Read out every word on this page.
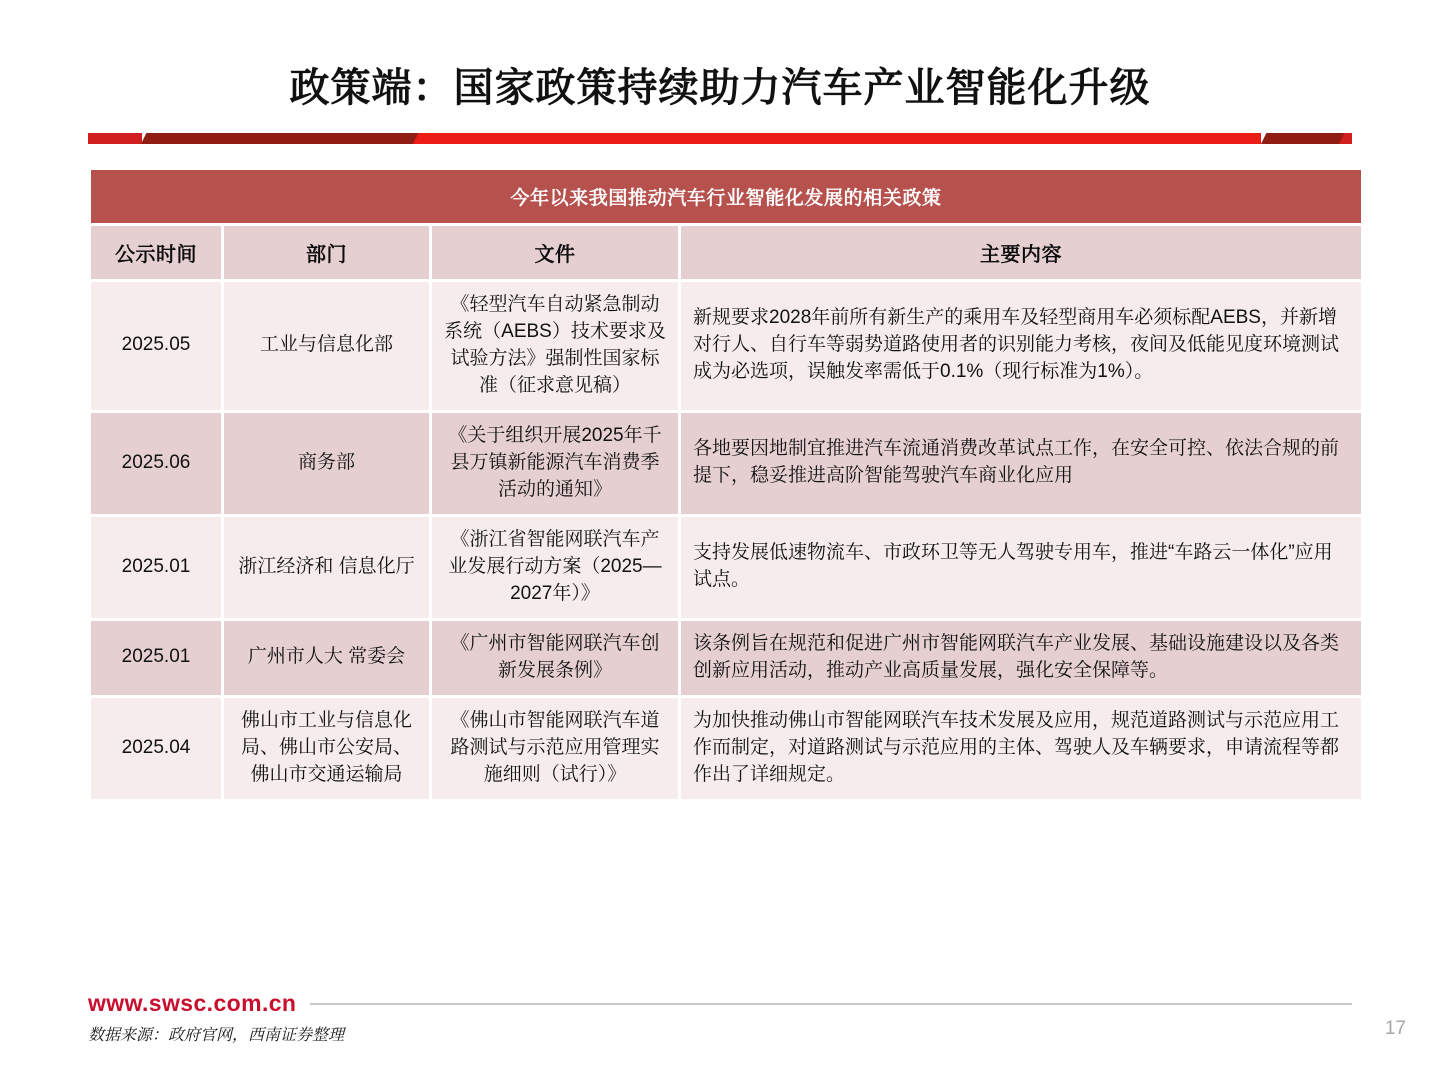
政策端：国家政策持续助力汽车产业智能化升级
今年以来我国推动汽车行业智能化发展的相关政策			
公示时间	部门	文件	主要内容
2025.05	工业与信息化部	《轻型汽车自动紧急制动系统（AEBS）技术要求及试验方法》强制性国家标准（征求意见稿）	新规要求2028年前所有新生产的乘用车及轻型商用车必须标配AEBS，并新增对行人、自行车等弱势道路使用者的识别能力考核，夜间及低能见度环境测试成为必选项，误触发率需低于0.1%（现行标准为1%）。
2025.06	商务部	《关于组织开展2025年千县万镇新能源汽车消费季活动的通知》	各地要因地制宜推进汽车流通消费改革试点工作，在安全可控、依法合规的前提下，稳妥推进高阶智能驾驶汽车商业化应用
2025.01	浙江经济和 信息化厅	《浙江省智能网联汽车产业发展行动方案（2025—2027年）》	支持发展低速物流车、市政环卫等无人驾驶专用车，推进“车路云一体化”应用试点。
2025.01	广州市人大 常委会	《广州市智能网联汽车创新发展条例》	该条例旨在规范和促进广州市智能网联汽车产业发展、基础设施建设以及各类创新应用活动，推动产业高质量发展，强化安全保障等。
2025.04	佛山市工业与信息化局、佛山市公安局、佛山市交通运输局	《佛山市智能网联汽车道路测试与示范应用管理实施细则（试行）》	为加快推动佛山市智能网联汽车技术发展及应用，规范道路测试与示范应用工作而制定，对道路测试与示范应用的主体、驾驶人及车辆要求，申请流程等都作出了详细规定。
www.swsc.com.cn
数据来源：政府官网，西南证券整理	17
